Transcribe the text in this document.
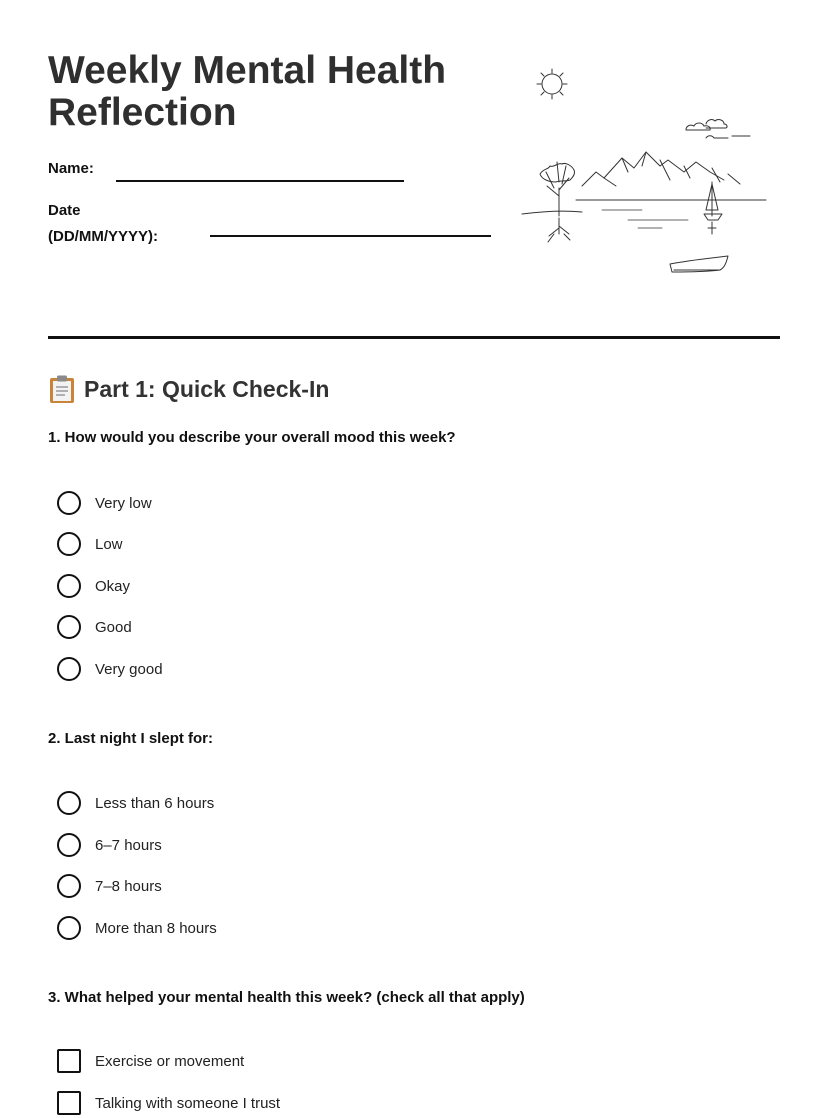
Weekly Mental Health Reflection
Name:
Date
(DD/MM/YYYY):
Part 1: Quick Check-In
1. How would you describe your overall mood this week?
Very low
Low
Okay
Good
Very good
2. Last night I slept for:
Less than 6 hours
6–7 hours
7–8 hours
More than 8 hours
3. What helped your mental health this week? (check all that apply)
Exercise or movement
Talking with someone I trust
